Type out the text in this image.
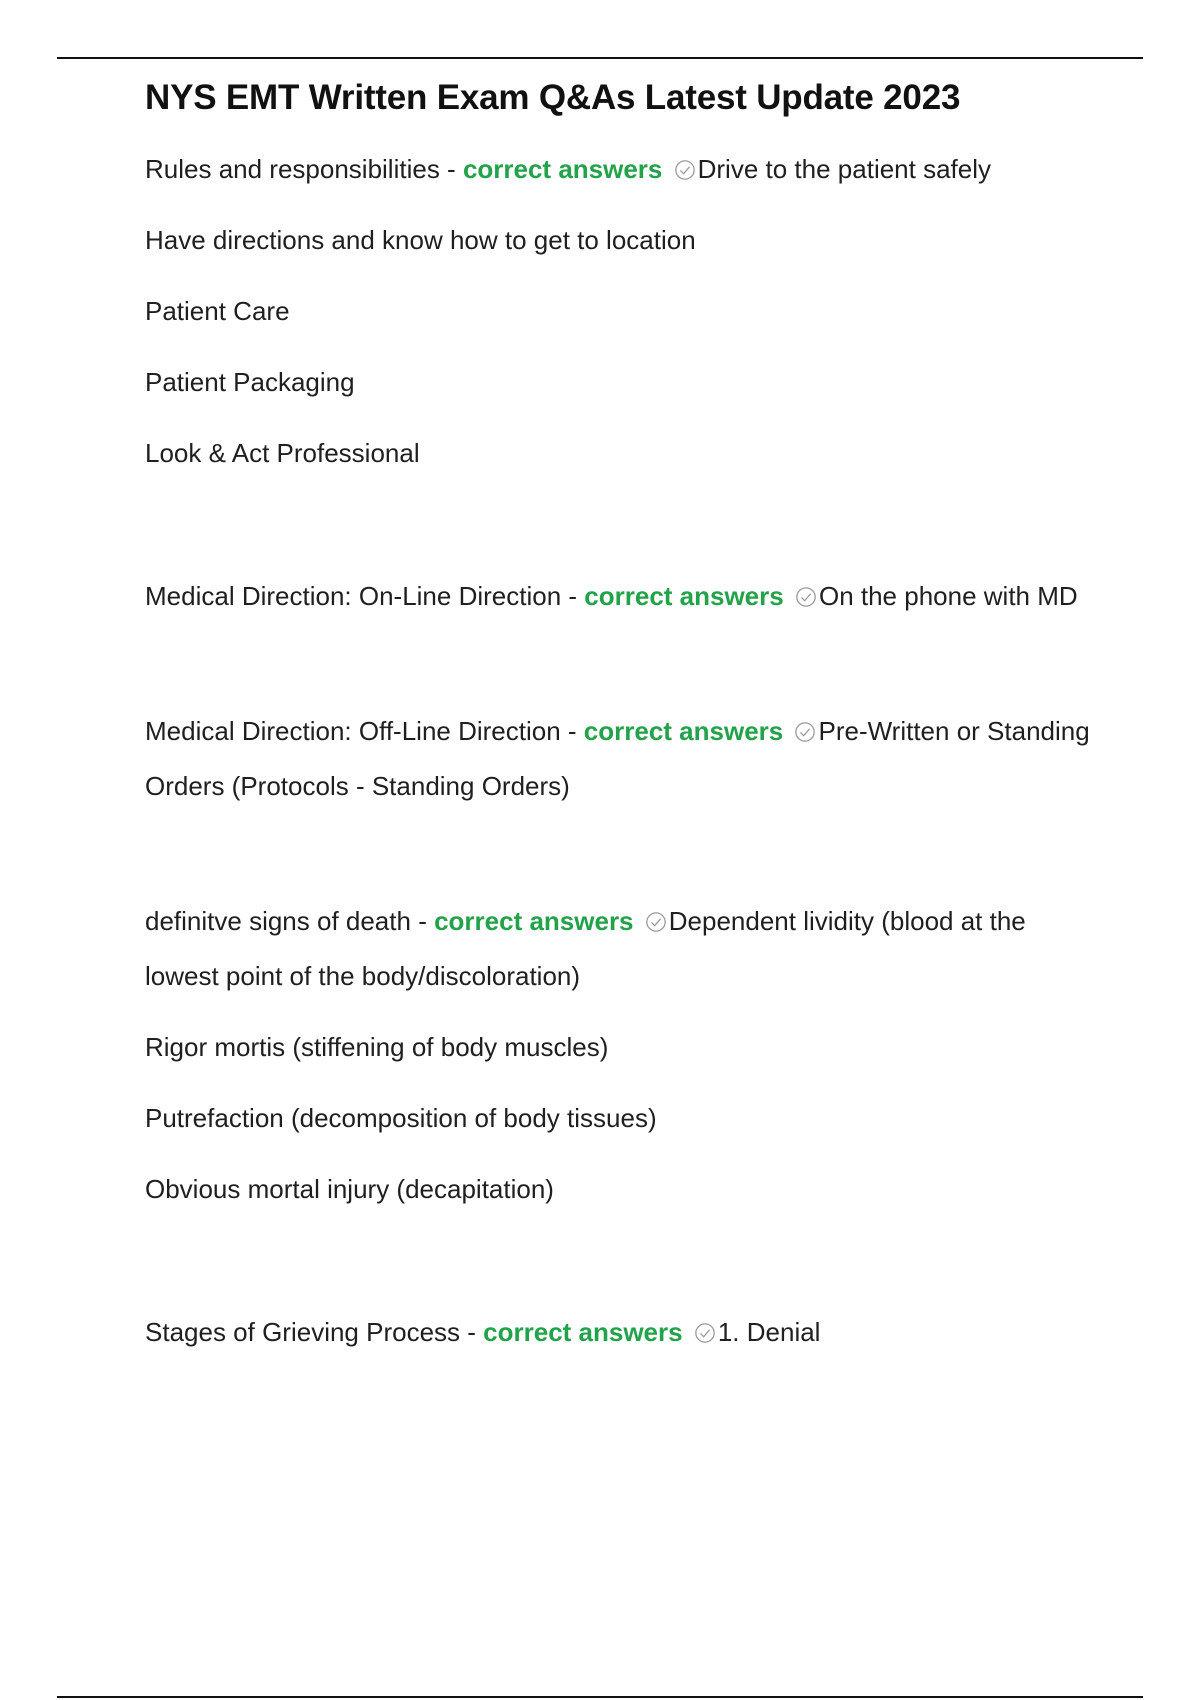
NYS EMT Written Exam Q&As Latest Update 2023

Rules and responsibilities - correct answers Drive to the patient safely

Have directions and know how to get to location

Patient Care

Patient Packaging

Look & Act Professional

Medical Direction: On-Line Direction - correct answers On the phone with MD

Medical Direction: Off-Line Direction - correct answers Pre-Written or Standing Orders (Protocols - Standing Orders)

definitve signs of death - correct answers Dependent lividity (blood at the lowest point of the body/discoloration)

Rigor mortis (stiffening of body muscles)

Putrefaction (decomposition of body tissues)

Obvious mortal injury (decapitation)

Stages of Grieving Process - correct answers 1. Denial
